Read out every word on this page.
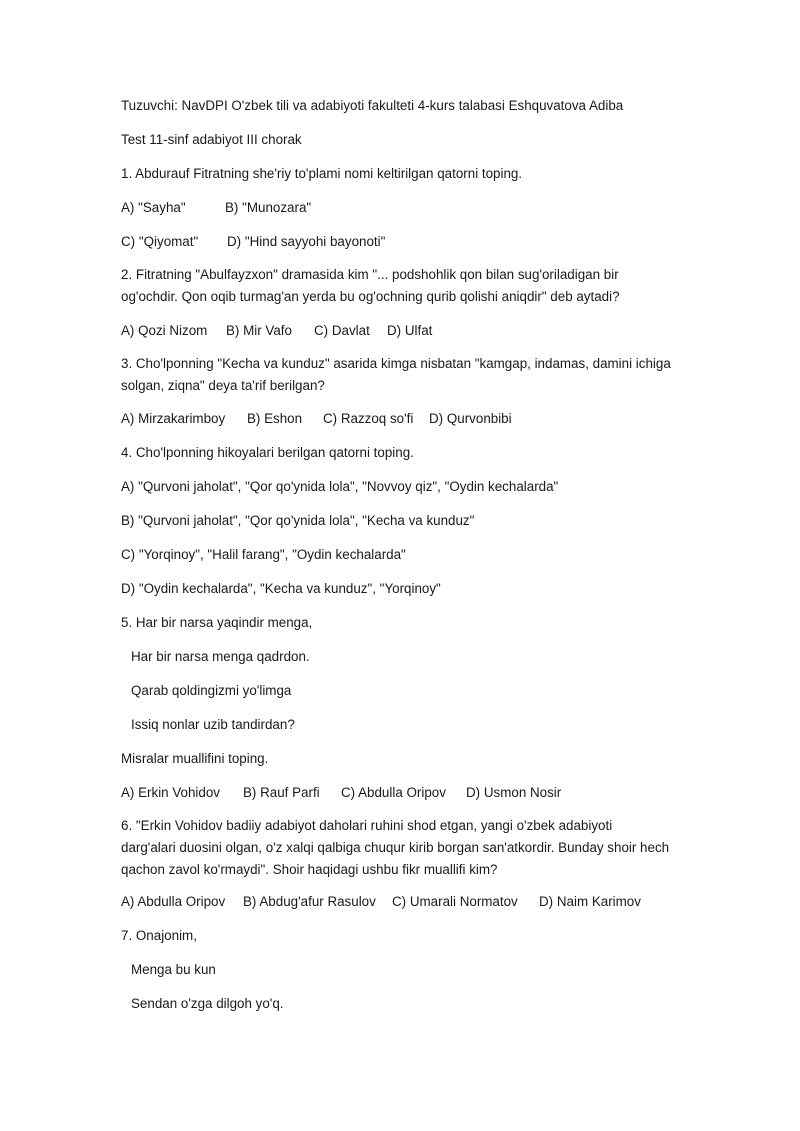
Tuzuvchi: NavDPI O'zbek tili va adabiyoti fakulteti 4-kurs talabasi Eshquvatova Adiba
Test 11-sinf adabiyot III chorak
1. Abdurauf Fitratning she'riy to'plami nomi keltirilgan qatorni toping.
A) "Sayha"	B) "Munozara"
C) "Qiyomat" D) "Hind sayyohi bayonoti"
2. Fitratning "Abulfayzxon" dramasida kim "... podshohlik qon bilan sug'oriladigan bir
og'ochdir. Qon oqib turmag'an yerda bu og'ochning qurib qolishi aniqdir" deb aytadi?
A) Qozi Nizom B) Mir Vafo C) Davlat D) Ulfat
3. Cho'lponning "Kecha va kunduz" asarida kimga nisbatan "kamgap, indamas, damini ichiga
solgan, ziqna" deya ta'rif berilgan?
A) Mirzakarimboy B) Eshon C) Razzoq so'fi D) Qurvonbibi
4. Cho'lponning hikoyalari berilgan qatorni toping.
A) "Qurvoni jaholat", "Qor qo'ynida lola", "Novvoy qiz", "Oydin kechalarda"
B) "Qurvoni jaholat", "Qor qo'ynida lola", "Kecha va kunduz"
C) "Yorqinoy", "Halil farang", "Oydin kechalarda"
D) "Oydin kechalarda", "Kecha va kunduz", "Yorqinoy"
5. Har bir narsa yaqindir menga,
Har bir narsa menga qadrdon.
Qarab qoldingizmi yo'limga
Issiq nonlar uzib tandirdan?
Misralar muallifini toping.
A) Erkin Vohidov B) Rauf Parfi C) Abdulla Oripov D) Usmon Nosir
6. "Erkin Vohidov badiiy adabiyot daholari ruhini shod etgan, yangi o'zbek adabiyoti
darg'alari duosini olgan, o'z xalqi qalbiga chuqur kirib borgan san'atkordir. Bunday shoir hech
qachon zavol ko'rmaydi". Shoir haqidagi ushbu fikr muallifi kim?
A) Abdulla Oripov B) Abdug'afur Rasulov C) Umarali Normatov D) Naim Karimov
7. Onajonim,
Menga bu kun
Sendan o'zga dilgoh yo'q.
